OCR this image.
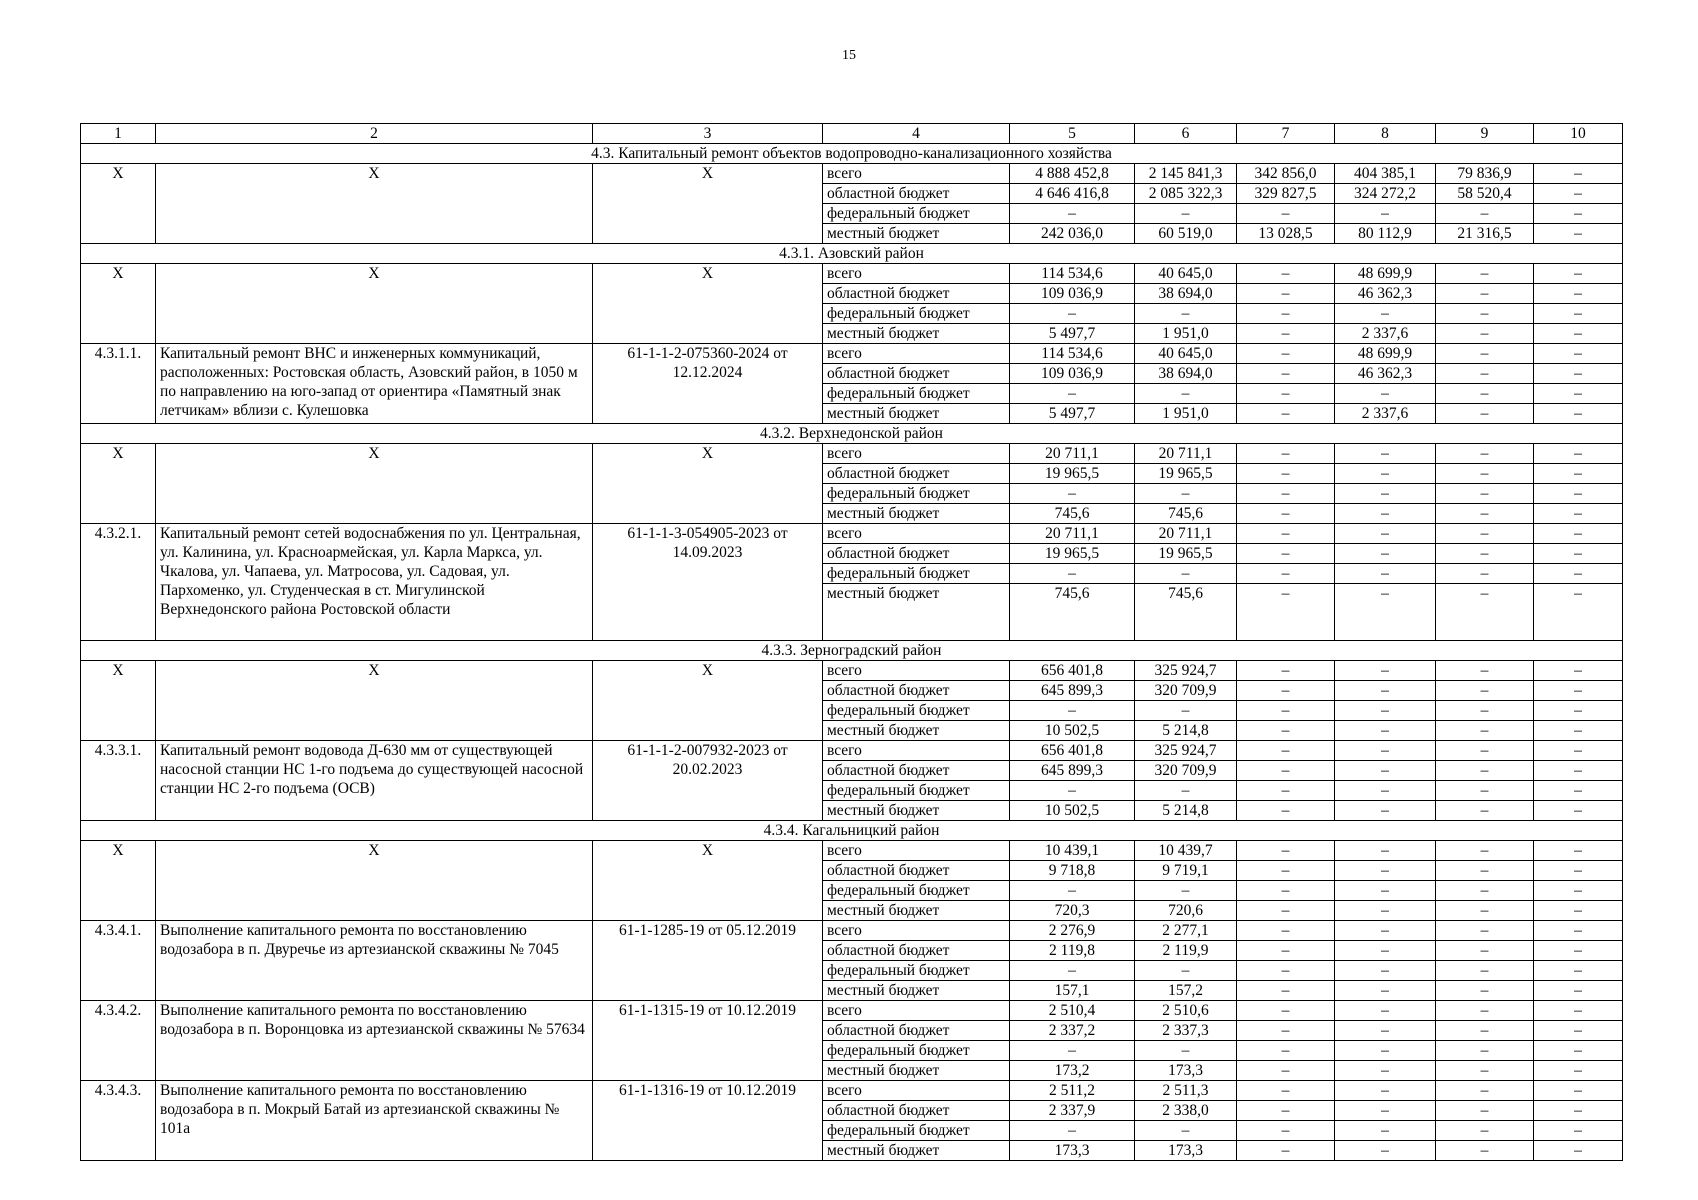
15
1	2	3	4	5	6	7	8	9	10
4.3. Капитальный ремонт объектов водопроводно-канализационного хозяйства									
Х	Х	Х	всего	4 888 452,8	2 145 841,3	342 856,0	404 385,1	79 836,9	–
			областной бюджет	4 646 416,8	2 085 322,3	329 827,5	324 272,2	58 520,4	–
			федеральный бюджет	–	–	–	–	–	–
			местный бюджет	242 036,0	60 519,0	13 028,5	80 112,9	21 316,5	–
4.3.1. Азовский район									
Х	Х	Х	всего	114 534,6	40 645,0	–	48 699,9	–	–
			областной бюджет	109 036,9	38 694,0	–	46 362,3	–	–
			федеральный бюджет	–	–	–	–	–	–
			местный бюджет	5 497,7	1 951,0	–	2 337,6	–	–
4.3.1.1.	Капитальный ремонт ВНС и инженерных коммуникаций, расположенных: Ростовская область, Азовский район, в 1050 м по направлению на юго-запад от ориентира «Памятный знак летчикам» вблизи с. Кулешовка	61-1-1-2-075360-2024 от 12.12.2024	всего	114 534,6	40 645,0	–	48 699,9	–	–
			областной бюджет	109 036,9	38 694,0	–	46 362,3	–	–
			федеральный бюджет	–	–	–	–	–	–
			местный бюджет	5 497,7	1 951,0	–	2 337,6	–	–
4.3.2. Верхнедонской район									
Х	Х	Х	всего	20 711,1	20 711,1	–	–	–	–
			областной бюджет	19 965,5	19 965,5	–	–	–	–
			федеральный бюджет	–	–	–	–	–	–
			местный бюджет	745,6	745,6	–	–	–	–
4.3.2.1.	Капитальный ремонт сетей водоснабжения по ул. Центральная, ул. Калинина, ул. Красноармейская, ул. Карла Маркса, ул. Чкалова, ул. Чапаева, ул. Матросова, ул. Садовая, ул. Пархоменко, ул. Студенческая в ст. Мигулинской Верхнедонского района Ростовской области	61-1-1-3-054905-2023 от 14.09.2023	всего	20 711,1	20 711,1	–	–	–	–
			областной бюджет	19 965,5	19 965,5	–	–	–	–
			федеральный бюджет	–	–	–	–	–	–
			местный бюджет	745,6	745,6	–	–	–	–
4.3.3. Зерноградский район									
Х	Х	Х	всего	656 401,8	325 924,7	–	–	–	–
			областной бюджет	645 899,3	320 709,9	–	–	–	–
			федеральный бюджет	–	–	–	–	–	–
			местный бюджет	10 502,5	5 214,8	–	–	–	–
4.3.3.1.	Капитальный ремонт водовода Д-630 мм от существующей насосной станции НС 1-го подъема до существующей насосной станции НС 2-го подъема (ОСВ)	61-1-1-2-007932-2023 от 20.02.2023	всего	656 401,8	325 924,7	–	–	–	–
			областной бюджет	645 899,3	320 709,9	–	–	–	–
			федеральный бюджет	–	–	–	–	–	–
			местный бюджет	10 502,5	5 214,8	–	–	–	–
4.3.4. Кагальницкий район									
Х	Х	Х	всего	10 439,1	10 439,7	–	–	–	–
			областной бюджет	9 718,8	9 719,1	–	–	–	–
			федеральный бюджет	–	–	–	–	–	–
			местный бюджет	720,3	720,6	–	–	–	–
4.3.4.1.	Выполнение капитального ремонта по восстановлению водозабора в п. Двуречье из артезианской скважины № 7045	61-1-1285-19 от 05.12.2019	всего	2 276,9	2 277,1	–	–	–	–
			областной бюджет	2 119,8	2 119,9	–	–	–	–
			федеральный бюджет	–	–	–	–	–	–
			местный бюджет	157,1	157,2	–	–	–	–
4.3.4.2.	Выполнение капитального ремонта по восстановлению водозабора в п. Воронцовка из артезианской скважины № 57634	61-1-1315-19 от 10.12.2019	всего	2 510,4	2 510,6	–	–	–	–
			областной бюджет	2 337,2	2 337,3	–	–	–	–
			федеральный бюджет	–	–	–	–	–	–
			местный бюджет	173,2	173,3	–	–	–	–
4.3.4.3.	Выполнение капитального ремонта по восстановлению водозабора в п. Мокрый Батай из артезианской скважины № 101а	61-1-1316-19 от 10.12.2019	всего	2 511,2	2 511,3	–	–	–	–
			областной бюджет	2 337,9	2 338,0	–	–	–	–
			федеральный бюджет	–	–	–	–	–	–
			местный бюджет	173,3	173,3	–	–	–	–
